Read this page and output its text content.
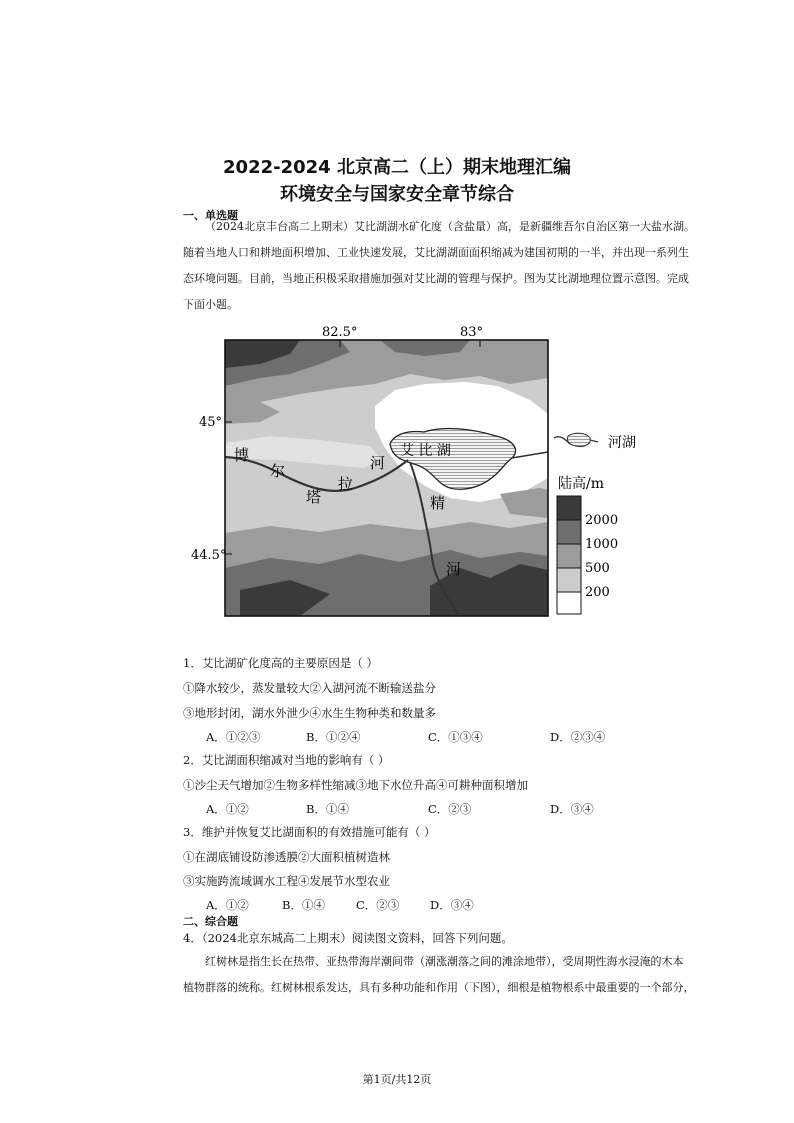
2022-2024 北京高二（上）期末地理汇编
环境安全与国家安全章节综合
一、单选题
（2024北京丰台高二上期末）艾比湖湖水矿化度（含盐量）高，是新疆维吾尔自治区第一大盐水湖。
随着当地人口和耕地面积增加、工业快速发展，艾比湖湖面面积缩减为建国初期的一半，并出现一系列生
态环境问题。目前，当地正积极采取措施加强对艾比湖的管理与保护。图为艾比湖地理位置示意图。完成
下面小题。
82.5°	83°
45°
44.5°
艾 比 湖
博
尔
塔
拉
河
精
河
河湖
陆高/m
2000
1000
500
200
1．艾比湖矿化度高的主要原因是（ ）
①降水较少，蒸发量较大②入湖河流不断输送盐分
③地形封闭，湖水外泄少④水生生物种类和数量多
A．①②③	B．①②④	C．①③④	D．②③④
2．艾比湖面积缩减对当地的影响有（ ）
①沙尘天气增加②生物多样性缩减③地下水位升高④可耕种面积增加
A．①②	B．①④	C．②③	D．③④
3．维护并恢复艾比湖面积的有效措施可能有（ ）
①在湖底铺设防渗透膜②大面积植树造林
③实施跨流域调水工程④发展节水型农业
A．①②	B．①④	C．②③	D．③④
二、综合题
4．（2024北京东城高二上期末）阅读图文资料，回答下列问题。
红树林是指生长在热带、亚热带海岸潮间带（潮涨潮落之间的滩涂地带），受周期性海水浸淹的木本
植物群落的统称。红树林根系发达，具有多种功能和作用（下图），细根是植物根系中最重要的一个部分，
第1页/共12页
